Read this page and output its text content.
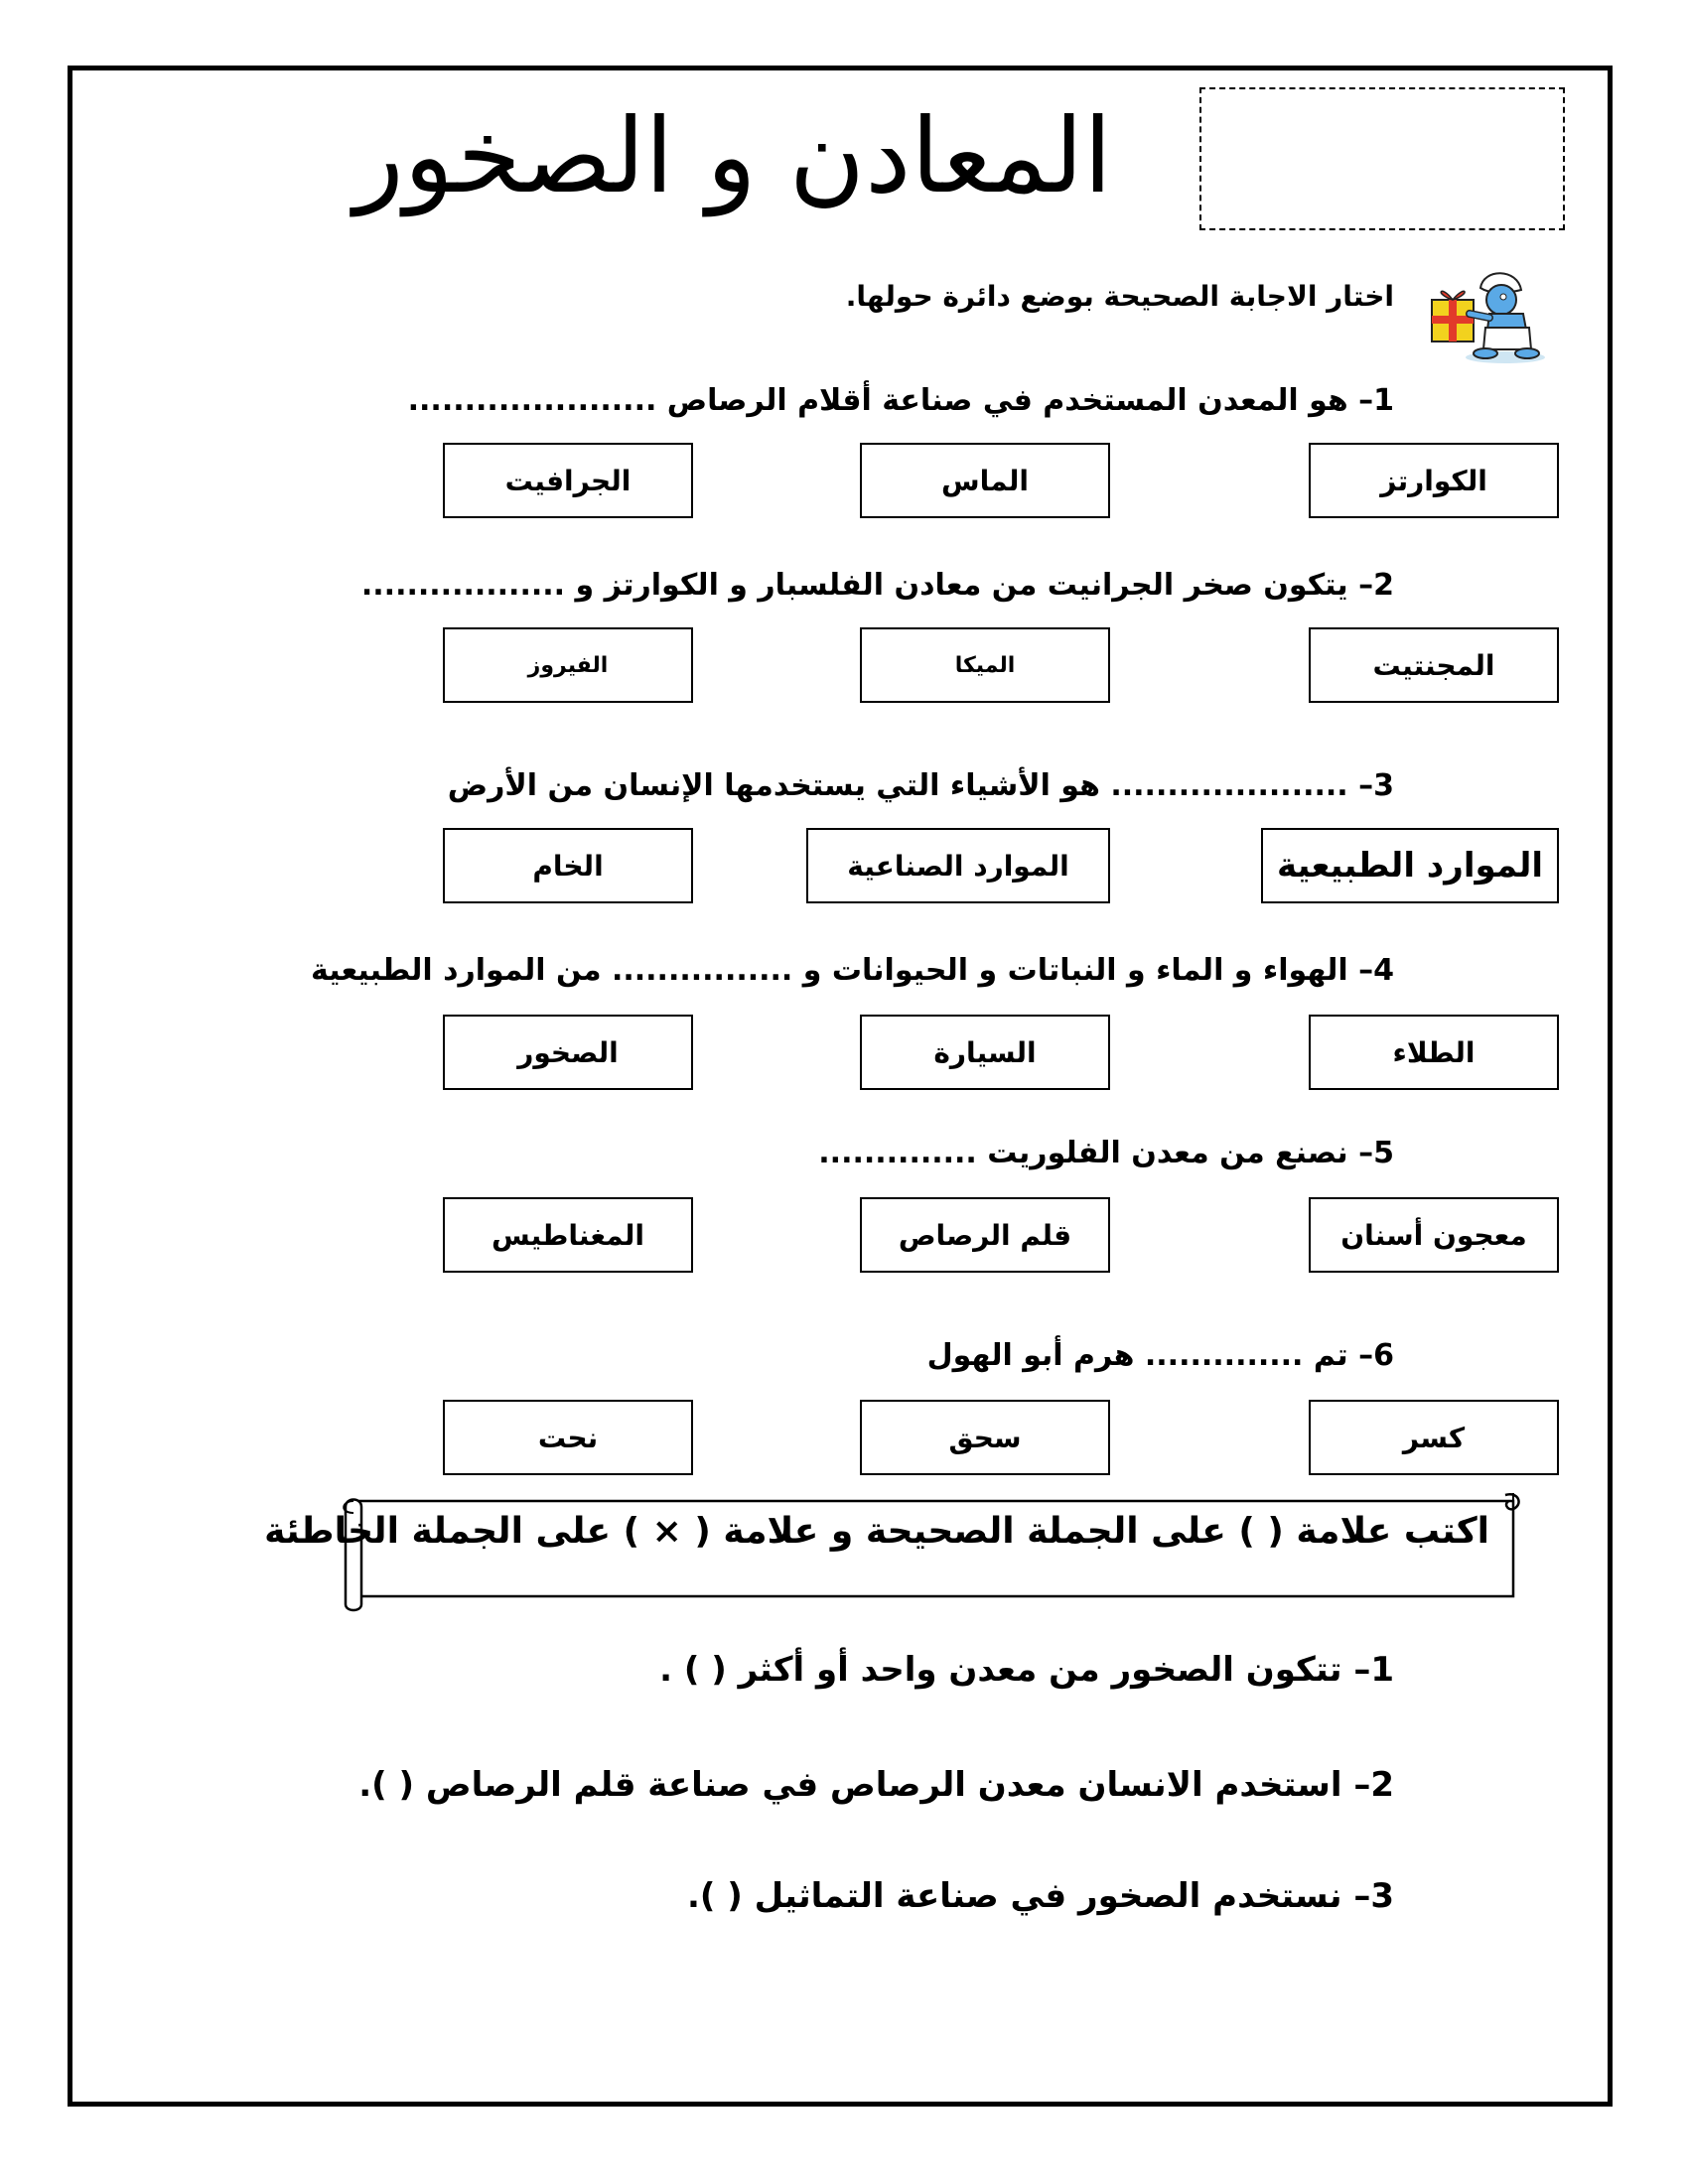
المعادن و الصخور
اختار الاجابة الصحيحة بوضع دائرة حولها.
1– هو المعدن المستخدم في صناعة أقلام الرصاص ......................
الكوارتز
الماس
الجرافيت
2– يتكون صخر الجرانيت من معادن الفلسبار و الكوارتز و ..................
المجنتيت
الميكا
الفيروز
3– ..................... هو الأشياء التي يستخدمها الإنسان من الأرض
الموارد الطبيعية
الموارد الصناعية
الخام
4– الهواء و الماء و النباتات و الحيوانات و ................ من الموارد الطبيعية
الطلاء
السيارة
الصخور
5– نصنع من معدن الفلوريت ..............
معجون أسنان
قلم الرصاص
المغناطيس
6– تم .............. هرم أبو الهول
كسر
سحق
نحت
اكتب علامة ( ) على الجملة الصحيحة و علامة ( × ) على الجملة الخاطئة
1– تتكون الصخور من معدن واحد أو أكثر ( ) .
2– استخدم الانسان معدن الرصاص في صناعة قلم الرصاص ( ).
3– نستخدم الصخور في صناعة التماثيل ( ).
